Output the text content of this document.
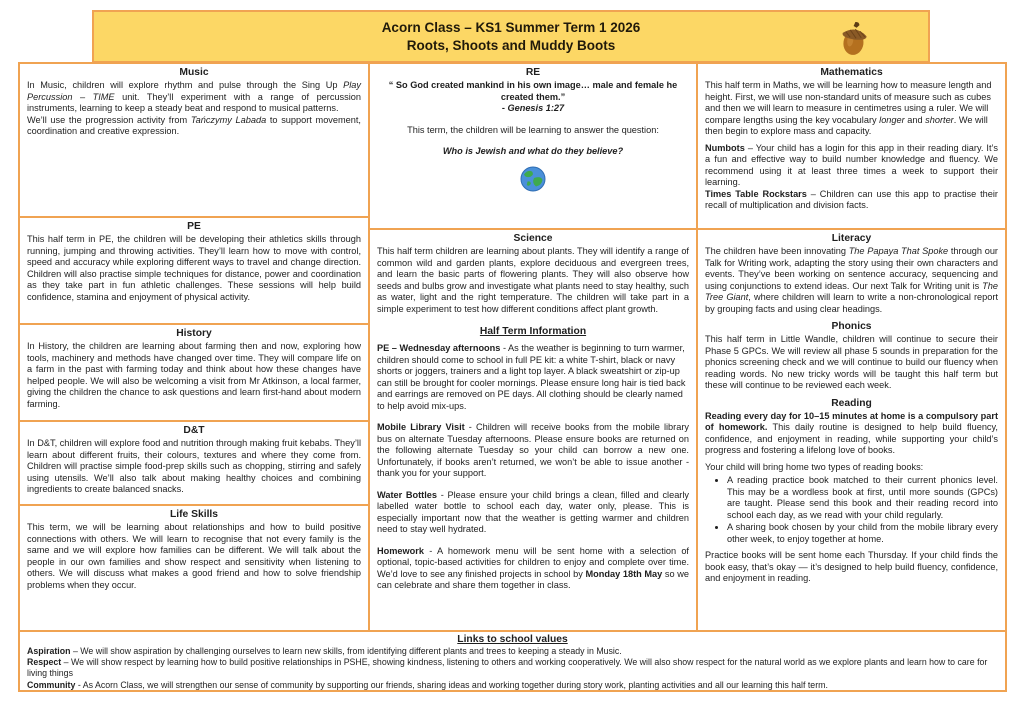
Acorn Class – KS1 Summer Term 1 2026
Roots, Shoots and Muddy Boots
Music

In Music, children will explore rhythm and pulse through the Sing Up Play Percussion – TIME unit. They’ll experiment with a range of percussion instruments, learning to keep a steady beat and respond to musical patterns.

We’ll use the progression activity from Tańczymy Labada to support movement, coordination and creative expression.

PE

This half term in PE, the children will be developing their athletics skills through running, jumping and throwing activities. They’ll learn how to move with control, speed and accuracy while exploring different ways to travel and change direction. Children will also practise simple techniques for distance, power and coordination as they take part in fun athletic challenges. These sessions will help build confidence, stamina and enjoyment of physical activity.

History

In History, the children are learning about farming then and now, exploring how tools, machinery and methods have changed over time. They will compare life on a farm in the past with farming today and think about how these changes have helped people. We will also be welcoming a visit from Mr Atkinson, a local farmer, giving the children the chance to ask questions and learn first-hand about modern farming.

D&T

In D&T, children will explore food and nutrition through making fruit kebabs. They’ll learn about different fruits, their colours, textures and where they come from. Children will practise simple food-prep skills such as chopping, stirring and safely using utensils. We’ll also talk about making healthy choices and combining ingredients to create balanced snacks.

Life Skills

This term, we will be learning about relationships and how to build positive connections with others. We will learn to recognise that not every family is the same and we will explore how families can be different. We will talk about the people in our own families and show respect and sensitivity when listening to others. We will discuss what makes a good friend and how to solve friendship problems when they occur.

RE

“ So God created mankind in his own image… male and female he created them.”

- Genesis 1:27

This term, the children will be learning to answer the question:

Who is Jewish and what do they believe?

Science

This half term children are learning about plants. They will identify a range of common wild and garden plants, explore deciduous and evergreen trees, and learn the basic parts of flowering plants. They will also observe how seeds and bulbs grow and investigate what plants need to stay healthy, such as water, light and the right temperature. The children will take part in a simple experiment to test how different conditions affect plant growth.

Half Term Information

PE – Wednesday afternoons - As the weather is beginning to turn warmer, children should come to school in full PE kit: a white T-shirt, black or navy shorts or joggers, trainers and a light top layer. A black sweatshirt or zip-up can still be brought for cooler mornings. Please ensure long hair is tied back and earrings are removed on PE days. All clothing should be clearly named to help avoid mix-ups.

Mobile Library Visit - Children will receive books from the mobile library bus on alternate Tuesday afternoons. Please ensure books are returned on the following alternate Tuesday so your child can borrow a new one. Unfortunately, if books aren’t returned, we won’t be able to issue another - thank you for your support.

Water Bottles - Please ensure your child brings a clean, filled and clearly labelled water bottle to school each day, water only, please. This is especially important now that the weather is getting warmer and children need to stay well hydrated.

Homework - A homework menu will be sent home with a selection of optional, topic-based activities for children to enjoy and complete over time. We’d love to see any finished projects in school by Monday 18th May so we can celebrate and share them together in class.

Mathematics

This half term in Maths, we will be learning how to measure length and height. First, we will use non-standard units of measure such as cubes and then we will learn to measure in centimetres using a ruler. We will compare lengths using the key vocabulary longer and shorter. We will then begin to explore mass and capacity.

Numbots – Your child has a login for this app in their reading diary. It’s a fun and effective way to build number knowledge and fluency. We recommend using it at least three times a week to support their learning.

Times Table Rockstars – Children can use this app to practise their recall of multiplication and division facts.

Literacy

The children have been innovating The Papaya That Spoke through our Talk for Writing work, adapting the story using their own characters and events. They’ve been working on sentence accuracy, sequencing and using conjunctions to extend ideas. Our next Talk for Writing unit is The Tree Giant, where children will learn to write a non-chronological report by grouping facts and using clear headings.

Phonics

This half term in Little Wandle, children will continue to secure their Phase 5 GPCs. We will review all phase 5 sounds in preparation for the phonics screening check and we will continue to build our fluency when reading words. No new tricky words will be taught this half term but these will continue to be reviewed each week.

Reading

Reading every day for 10–15 minutes at home is a compulsory part of homework. This daily routine is designed to help build fluency, confidence, and enjoyment in reading, while supporting your child’s progress and fostering a lifelong love of books.

Your child will bring home two types of reading books:

• A reading practice book matched to their current phonics level. This may be a wordless book at first, until more sounds (GPCs) are taught. Please send this book and their reading record into school each day, as we read with your child regularly.
• A sharing book chosen by your child from the mobile library every other week, to enjoy together at home.

Practice books will be sent home each Thursday. If your child finds the book easy, that’s okay — it’s designed to help build fluency, confidence, and enjoyment in reading.

Links to school values

Aspiration – We will show aspiration by challenging ourselves to learn new skills, from identifying different plants and trees to keeping a steady in Music.

Respect – We will show respect by learning how to build positive relationships in PSHE, showing kindness, listening to others and working cooperatively. We will also show respect for the natural world as we explore plants and learn how to care for living things

Community - As Acorn Class, we will strengthen our sense of community by supporting our friends, sharing ideas and working together during story work, planting activities and all our learning this half term.
